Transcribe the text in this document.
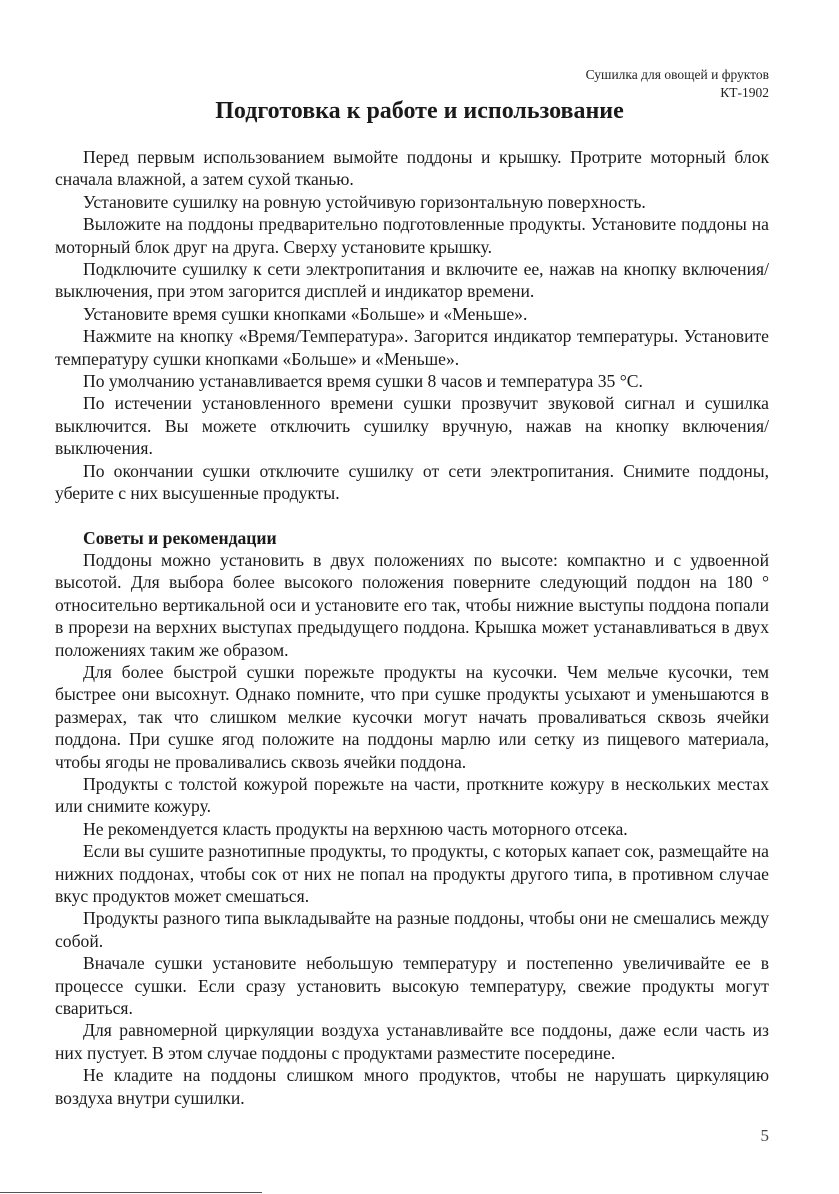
Сушилка для овощей и фруктов
КТ-1902
Подготовка к работе и использование

Перед первым использованием вымойте поддоны и крышку. Протрите моторный блок сначала влажной, а затем сухой тканью.

Установите сушилку на ровную устойчивую горизонтальную поверхность.

Выложите на поддоны предварительно подготовленные продукты. Установите поддоны на моторный блок друг на друга. Сверху установите крышку.

Подключите сушилку к сети электропитания и включите ее, нажав на кнопку включения/выключения, при этом загорится дисплей и индикатор времени.

Установите время сушки кнопками «Больше» и «Меньше».

Нажмите на кнопку «Время/Температура». Загорится индикатор температуры. Установите температуру сушки кнопками «Больше» и «Меньше».

По умолчанию устанавливается время сушки 8 часов и температура 35 °C.

По истечении установленного времени сушки прозвучит звуковой сигнал и сушилка выключится. Вы можете отключить сушилку вручную, нажав на кнопку включения/выключения.

По окончании сушки отключите сушилку от сети электропитания. Снимите поддоны, уберите с них высушенные продукты.

Советы и рекомендации

Поддоны можно установить в двух положениях по высоте: компактно и с удвоенной высотой. Для выбора более высокого положения поверните следующий поддон на 180 ° относительно вертикальной оси и установите его так, чтобы нижние выступы поддона попали в прорези на верхних выступах предыдущего поддона. Крышка может устанавливаться в двух положениях таким же образом.

Для более быстрой сушки порежьте продукты на кусочки. Чем мельче кусочки, тем быстрее они высохнут. Однако помните, что при сушке продукты усыхают и уменьшаются в размерах, так что слишком мелкие кусочки могут начать проваливаться сквозь ячейки поддона. При сушке ягод положите на поддоны марлю или сетку из пищевого материала, чтобы ягоды не проваливались сквозь ячейки поддона.

Продукты с толстой кожурой порежьте на части, проткните кожуру в нескольких местах или снимите кожуру.

Не рекомендуется класть продукты на верхнюю часть моторного отсека.

Если вы сушите разнотипные продукты, то продукты, с которых капает сок, размещайте на нижних поддонах, чтобы сок от них не попал на продукты другого типа, в противном случае вкус продуктов может смешаться.

Продукты разного типа выкладывайте на разные поддоны, чтобы они не смешались между собой.

Вначале сушки установите небольшую температуру и постепенно увеличивайте ее в процессе сушки. Если сразу установить высокую температуру, свежие продукты могут свариться.

Для равномерной циркуляции воздуха устанавливайте все поддоны, даже если часть из них пустует. В этом случае поддоны с продуктами разместите посередине.

Не кладите на поддоны слишком много продуктов, чтобы не нарушать циркуляцию воздуха внутри сушилки.

5
